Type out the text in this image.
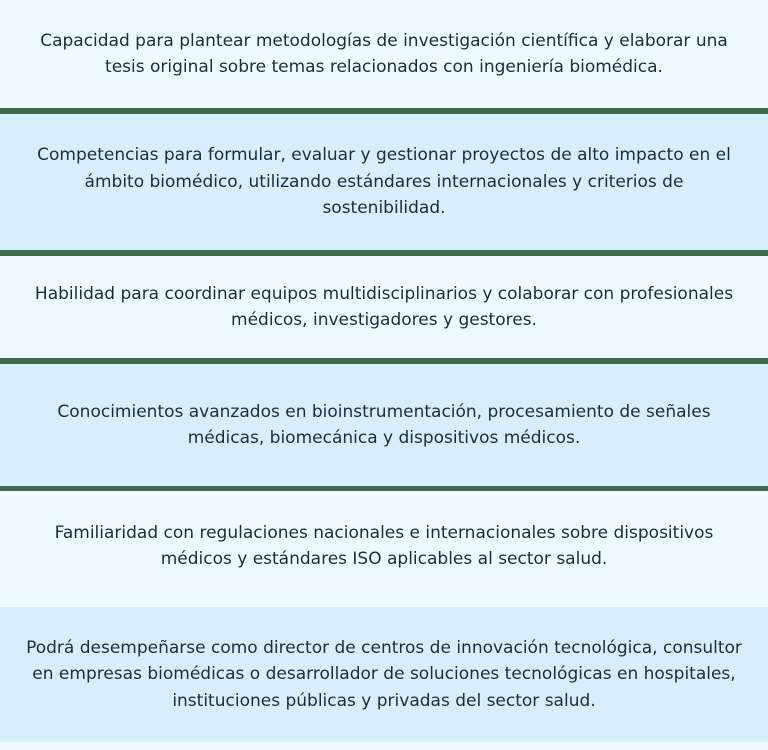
Capacidad para plantear metodologías de investigación científica y elaborar una tesis original sobre temas relacionados con ingeniería biomédica.

Competencias para formular, evaluar y gestionar proyectos de alto impacto en el ámbito biomédico, utilizando estándares internacionales y criterios de sostenibilidad.

Habilidad para coordinar equipos multidisciplinarios y colaborar con profesionales médicos, investigadores y gestores.

Conocimientos avanzados en bioinstrumentación, procesamiento de señales médicas, biomecánica y dispositivos médicos.

Familiaridad con regulaciones nacionales e internacionales sobre dispositivos médicos y estándares ISO aplicables al sector salud.

Podrá desempeñarse como director de centros de innovación tecnológica, consultor en empresas biomédicas o desarrollador de soluciones tecnológicas en hospitales, instituciones públicas y privadas del sector salud.
